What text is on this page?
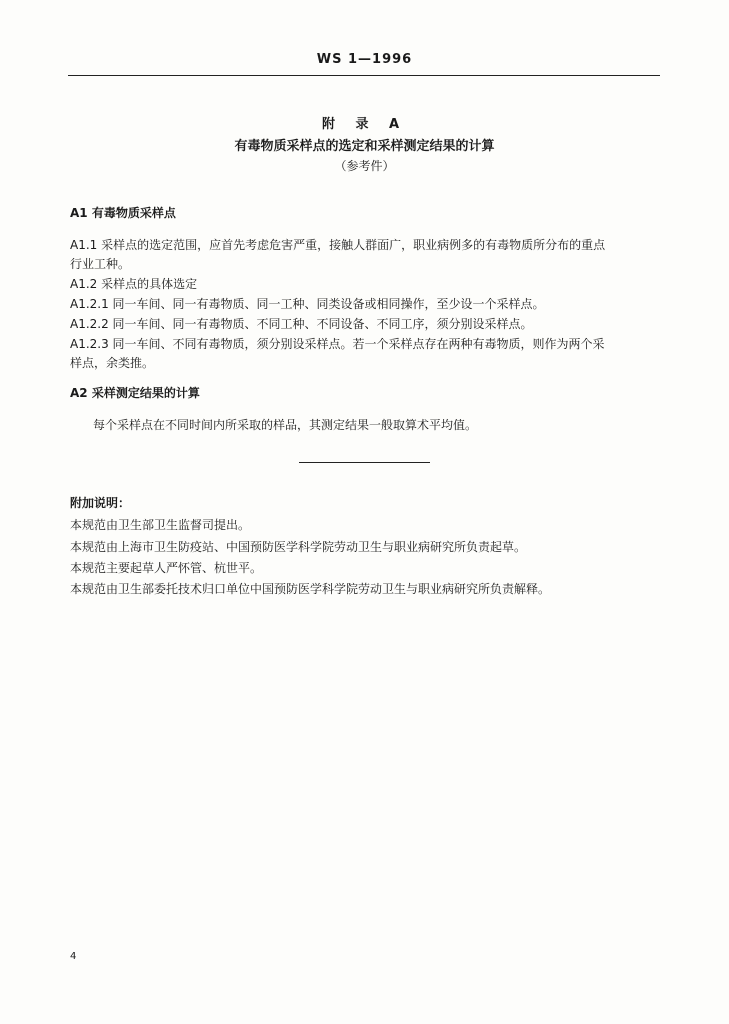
WS 1—1996
附 录 A
有毒物质采样点的选定和采样测定结果的计算
（参考件）
A1 有毒物质采样点
A1.1 采样点的选定范围，应首先考虑危害严重，接触人群面广，职业病例多的有毒物质所分布的重点
行业工种。
A1.2 采样点的具体选定
A1.2.1 同一车间、同一有毒物质、同一工种、同类设备或相同操作，至少设一个采样点。
A1.2.2 同一车间、同一有毒物质、不同工种、不同设备、不同工序，须分别设采样点。
A1.2.3 同一车间、不同有毒物质，须分别设采样点。若一个采样点存在两种有毒物质，则作为两个采
样点，余类推。
A2 采样测定结果的计算
每个采样点在不同时间内所采取的样品，其测定结果一般取算术平均值。
附加说明：
本规范由卫生部卫生监督司提出。
本规范由上海市卫生防疫站、中国预防医学科学院劳动卫生与职业病研究所负责起草。
本规范主要起草人严怀管、杭世平。
本规范由卫生部委托技术归口单位中国预防医学科学院劳动卫生与职业病研究所负责解释。
4
